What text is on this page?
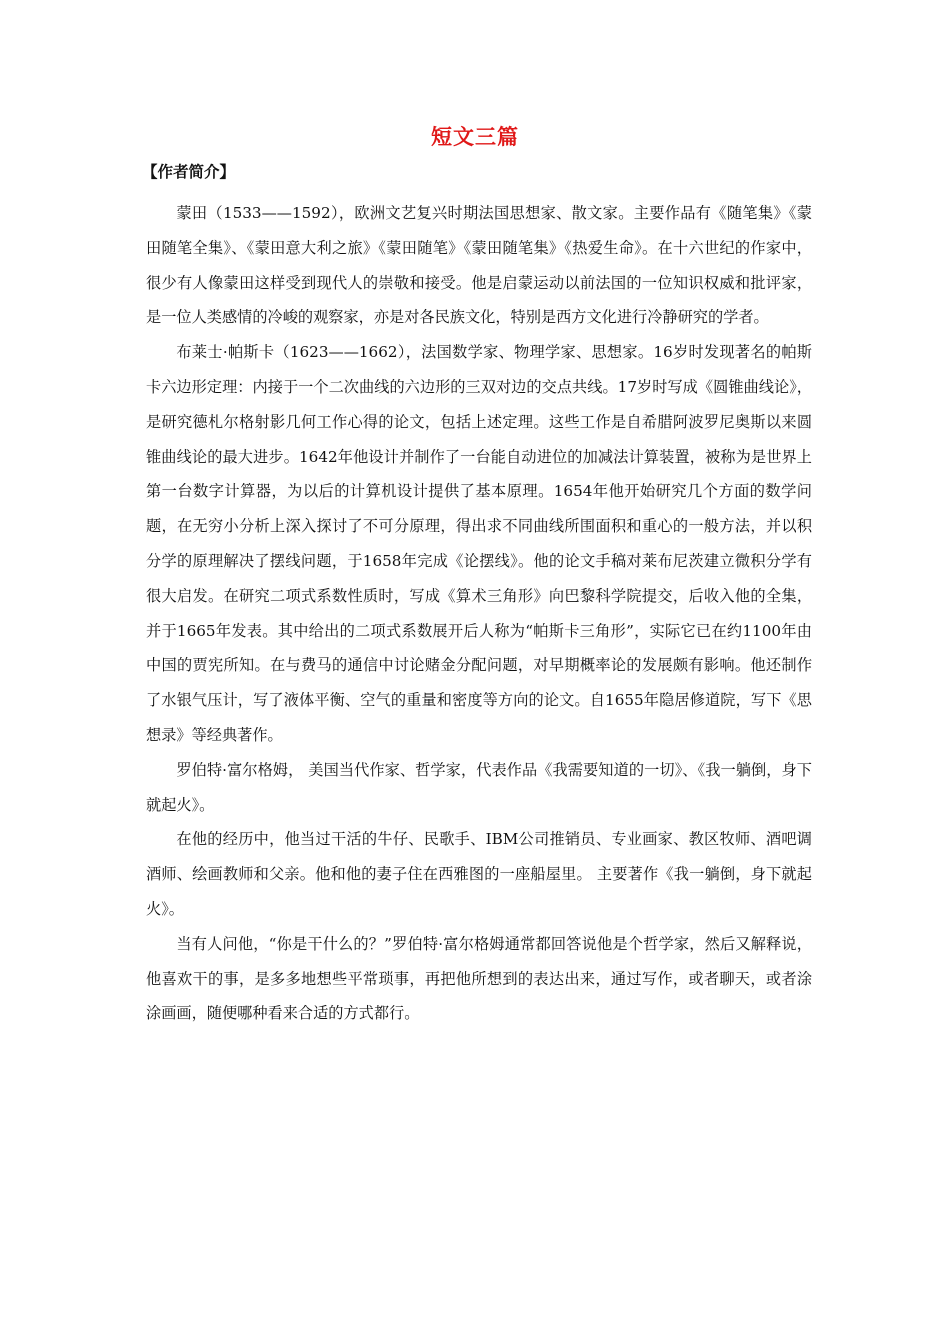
短文三篇
【作者简介】

蒙田（1533——1592），欧洲文艺复兴时期法国思想家、散文家。主要作品有《随笔集》《蒙田随笔全集》、《蒙田意大利之旅》《蒙田随笔》《蒙田随笔集》《热爱生命》。在十六世纪的作家中，很少有人像蒙田这样受到现代人的崇敬和接受。他是启蒙运动以前法国的一位知识权威和批评家，是一位人类感情的冷峻的观察家，亦是对各民族文化，特别是西方文化进行冷静研究的学者。

布莱士·帕斯卡（1623——1662），法国数学家、物理学家、思想家。16岁时发现著名的帕斯卡六边形定理：内接于一个二次曲线的六边形的三双对边的交点共线。17岁时写成《圆锥曲线论》，是研究德札尔格射影几何工作心得的论文，包括上述定理。这些工作是自希腊阿波罗尼奥斯以来圆锥曲线论的最大进步。1642年他设计并制作了一台能自动进位的加减法计算装置，被称为是世界上第一台数字计算器，为以后的计算机设计提供了基本原理。1654年他开始研究几个方面的数学问题，在无穷小分析上深入探讨了不可分原理，得出求不同曲线所围面积和重心的一般方法，并以积分学的原理解决了摆线问题，于1658年完成《论摆线》。他的论文手稿对莱布尼茨建立微积分学有很大启发。在研究二项式系数性质时，写成《算术三角形》向巴黎科学院提交，后收入他的全集，并于1665年发表。其中给出的二项式系数展开后人称为“帕斯卡三角形”，实际它已在约1100年由中国的贾宪所知。在与费马的通信中讨论赌金分配问题，对早期概率论的发展颇有影响。他还制作了水银气压计，写了液体平衡、空气的重量和密度等方向的论文。自1655年隐居修道院，写下《思想录》等经典著作。

罗伯特·富尔格姆， 美国当代作家、哲学家，代表作品《我需要知道的一切》、《我一躺倒，身下就起火》。

在他的经历中，他当过干活的牛仔、民歌手、IBM公司推销员、专业画家、教区牧师、酒吧调酒师、绘画教师和父亲。他和他的妻子住在西雅图的一座船屋里。 主要著作《我一躺倒，身下就起火》。

当有人问他，“你是干什么的？”罗伯特·富尔格姆通常都回答说他是个哲学家，然后又解释说，他喜欢干的事，是多多地想些平常琐事，再把他所想到的表达出来，通过写作，或者聊天，或者涂涂画画，随便哪种看来合适的方式都行。
